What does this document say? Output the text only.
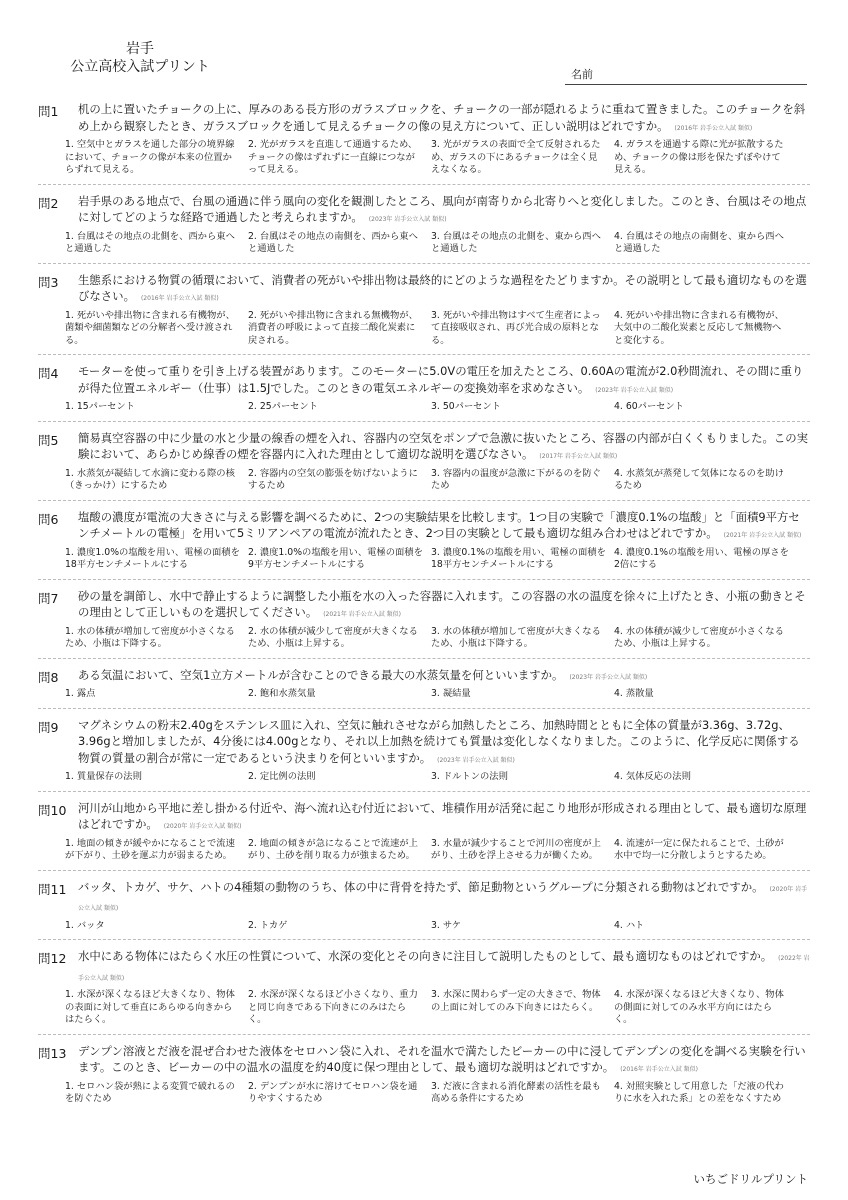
岩手
公立高校入試プリント	名前
問1 机の上に置いたチョークの上に、厚みのある長方形のガラスブロックを、チョークの一部が隠れるように重ねて置きました。このチョークを斜め上から観察したとき、ガラスブロックを通して見えるチョークの像の見え方について、正しい説明はどれですか。 (2016年 岩手公立入試 類似)
1. 空気中とガラスを通した部分の境界線において、チョークの像が本来の位置からずれて見える。
2. 光がガラスを直進して通過するため、チョークの像はずれずに一直線につながって見える。
3. 光がガラスの表面で全て反射されるため、ガラスの下にあるチョークは全く見えなくなる。
4. ガラスを通過する際に光が拡散するため、チョークの像は形を保たずぼやけて見える。
問2 岩手県のある地点で、台風の通過に伴う風向の変化を観測したところ、風向が南寄りから北寄りへと変化しました。このとき、台風はその地点に対してどのような経路で通過したと考えられますか。 (2023年 岩手公立入試 類似)
1. 台風はその地点の北側を、西から東へと通過した
2. 台風はその地点の南側を、西から東へと通過した
3. 台風はその地点の北側を、東から西へと通過した
4. 台風はその地点の南側を、東から西へと通過した
問3 生態系における物質の循環において、消費者の死がいや排出物は最終的にどのような過程をたどりますか。その説明として最も適切なものを選びなさい。 (2016年 岩手公立入試 類似)
1. 死がいや排出物に含まれる有機物が、菌類や細菌類などの分解者へ受け渡される。
2. 死がいや排出物に含まれる無機物が、消費者の呼吸によって直接二酸化炭素に戻される。
3. 死がいや排出物はすべて生産者によって直接吸収され、再び光合成の原料となる。
4. 死がいや排出物に含まれる有機物が、大気中の二酸化炭素と反応して無機物へと変化する。
問4 モーターを使って重りを引き上げる装置があります。このモーターに5.0Vの電圧を加えたところ、0.60Aの電流が2.0秒間流れ、その間に重りが得た位置エネルギー（仕事）は1.5Jでした。このときの電気エネルギーの変換効率を求めなさい。 (2023年 岩手公立入試 類似)
1. 15パーセント	2. 25パーセント	3. 50パーセント	4. 60パーセント
問5 簡易真空容器の中に少量の水と少量の線香の煙を入れ、容器内の空気をポンプで急激に抜いたところ、容器の内部が白くくもりました。この実験において、あらかじめ線香の煙を容器内に入れた理由として適切な説明を選びなさい。 (2017年 岩手公立入試 類似)
1. 水蒸気が凝結して水滴に変わる際の核（きっかけ）にするため
2. 容器内の空気の膨張を妨げないようにするため
3. 容器内の温度が急激に下がるのを防ぐため
4. 水蒸気が蒸発して気体になるのを助けるため
問6 塩酸の濃度が電流の大きさに与える影響を調べるために、2つの実験結果を比較します。1つ目の実験で「濃度0.1%の塩酸」と「面積9平方センチメートルの電極」を用いて5ミリアンペアの電流が流れたとき、2つ目の実験として最も適切な組み合わせはどれですか。 (2021年 岩手公立入試 類似)
1. 濃度1.0%の塩酸を用い、電極の面積を18平方センチメートルにする
2. 濃度1.0%の塩酸を用い、電極の面積を9平方センチメートルにする
3. 濃度0.1%の塩酸を用い、電極の面積を18平方センチメートルにする
4. 濃度0.1%の塩酸を用い、電極の厚さを2倍にする
問7 砂の量を調節し、水中で静止するように調整した小瓶を水の入った容器に入れます。この容器の水の温度を徐々に上げたとき、小瓶の動きとその理由として正しいものを選択してください。 (2021年 岩手公立入試 類似)
1. 水の体積が増加して密度が小さくなるため、小瓶は下降する。
2. 水の体積が減少して密度が大きくなるため、小瓶は上昇する。
3. 水の体積が増加して密度が大きくなるため、小瓶は下降する。
4. 水の体積が減少して密度が小さくなるため、小瓶は上昇する。
問8 ある気温において、空気1立方メートルが含むことのできる最大の水蒸気量を何といいますか。 (2023年 岩手公立入試 類似)
1. 露点	2. 飽和水蒸気量	3. 凝結量	4. 蒸散量
問9 マグネシウムの粉末2.40gをステンレス皿に入れ、空気に触れさせながら加熱したところ、加熱時間とともに全体の質量が3.36g、3.72g、3.96gと増加しましたが、4分後には4.00gとなり、それ以上加熱を続けても質量は変化しなくなりました。このように、化学反応に関係する物質の質量の割合が常に一定であるという決まりを何といいますか。 (2023年 岩手公立入試 類似)
1. 質量保存の法則	2. 定比例の法則	3. ドルトンの法則	4. 気体反応の法則
問10 河川が山地から平地に差し掛かる付近や、海へ流れ込む付近において、堆積作用が活発に起こり地形が形成される理由として、最も適切な原理はどれですか。 (2020年 岩手公立入試 類似)
1. 地面の傾きが緩やかになることで流速が下がり、土砂を運ぶ力が弱まるため。
2. 地面の傾きが急になることで流速が上がり、土砂を削り取る力が強まるため。
3. 水量が減少することで河川の密度が上がり、土砂を浮上させる力が働くため。
4. 流速が一定に保たれることで、土砂が水中で均一に分散しようとするため。
問11 バッタ、トカゲ、サケ、ハトの4種類の動物のうち、体の中に背骨を持たず、節足動物というグループに分類される動物はどれですか。 (2020年 岩手公立入試 類似)
1. バッタ	2. トカゲ	3. サケ	4. ハト
問12 水中にある物体にはたらく水圧の性質について、水深の変化とその向きに注目して説明したものとして、最も適切なものはどれですか。 (2022年 岩手公立入試 類似)
1. 水深が深くなるほど大きくなり、物体の表面に対して垂直にあらゆる向きからはたらく。
2. 水深が深くなるほど小さくなり、重力と同じ向きである下向きにのみはたらく。
3. 水深に関わらず一定の大きさで、物体の上面に対してのみ下向きにはたらく。
4. 水深が深くなるほど大きくなり、物体の側面に対してのみ水平方向にはたらく。
問13 デンプン溶液とだ液を混ぜ合わせた液体をセロハン袋に入れ、それを温水で満たしたビーカーの中に浸してデンプンの変化を調べる実験を行います。このとき、ビーカーの中の温水の温度を約40度に保つ理由として、最も適切な説明はどれですか。 (2016年 岩手公立入試 類似)
1. セロハン袋が熱による変質で破れるのを防ぐため
2. デンプンが水に溶けてセロハン袋を通りやすくするため
3. だ液に含まれる消化酵素の活性を最も高める条件にするため
4. 対照実験として用意した「だ液の代わりに水を入れた系」との差をなくすため
いちごドリルプリント
